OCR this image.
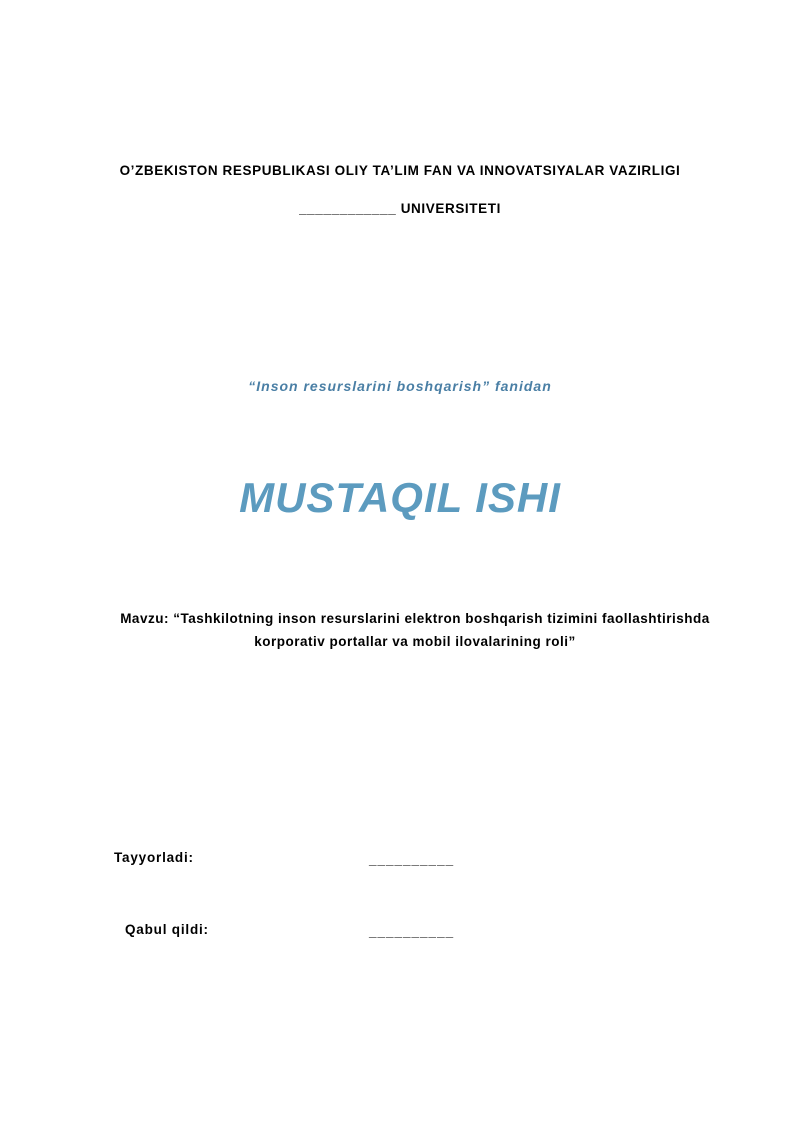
O’ZBEKISTON RESPUBLIKASI OLIY TA’LIM FAN VA INNOVATSIYALAR VAZIRLIGI
____________ UNIVERSITETI
“Inson resurslarini boshqarish” fanidan
MUSTAQIL ISHI
Mavzu: “Tashkilotning inson resurslarini elektron boshqarish tizimini faollashtirishda korporativ portallar va mobil ilovalarining roli”
Tayyorladi:	__________
Qabul qildi:	__________
